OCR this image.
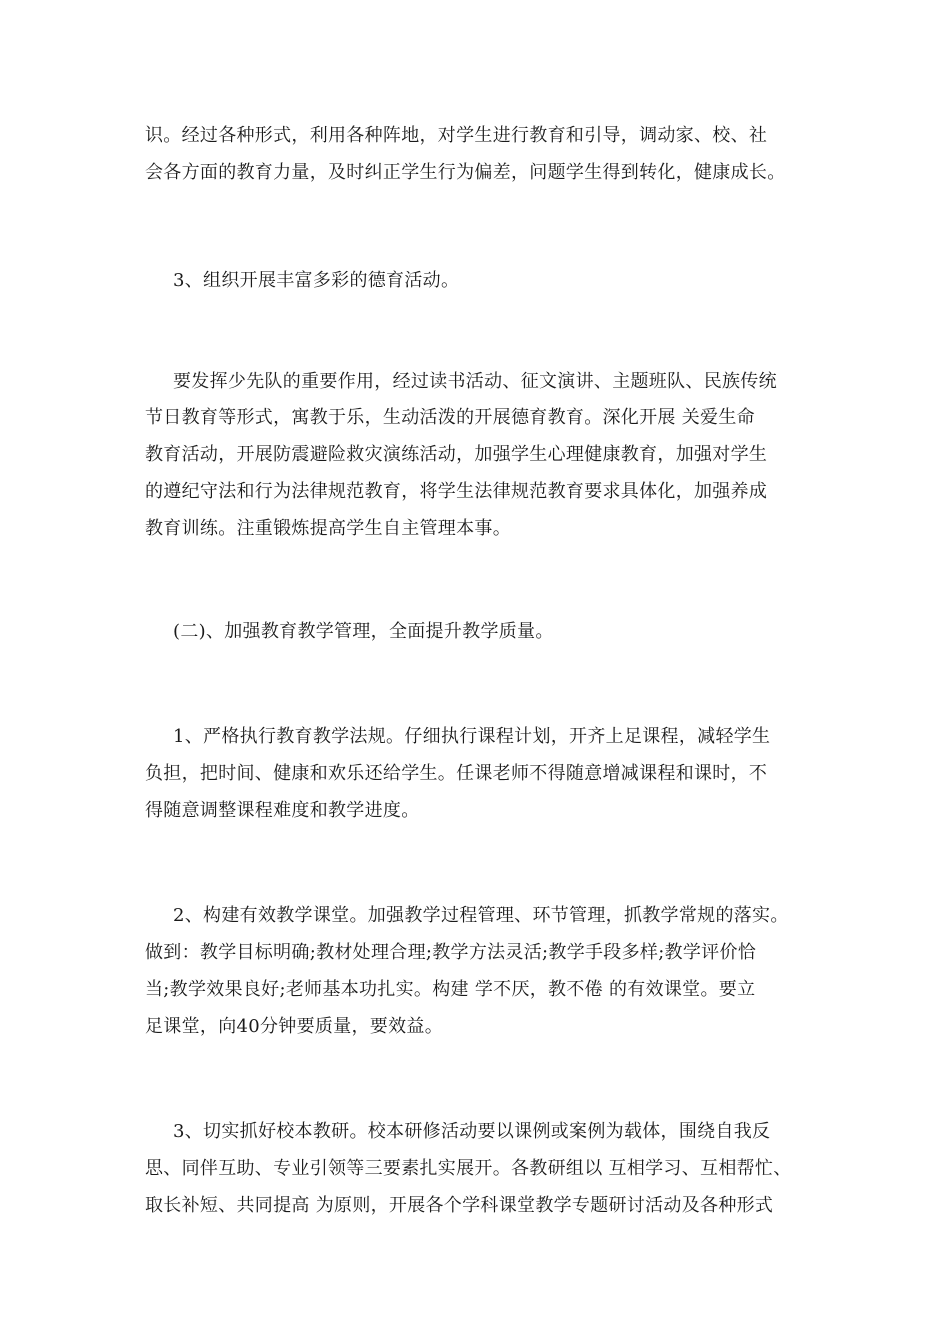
识。经过各种形式，利用各种阵地，对学生进行教育和引导，调动家、校、社
会各方面的教育力量，及时纠正学生行为偏差，问题学生得到转化，健康成长。
3、组织开展丰富多彩的德育活动。
要发挥少先队的重要作用，经过读书活动、征文演讲、主题班队、民族传统
节日教育等形式，寓教于乐，生动活泼的开展德育教育。深化开展 关爱生命
教育活动，开展防震避险救灾演练活动，加强学生心理健康教育，加强对学生
的遵纪守法和行为法律规范教育，将学生法律规范教育要求具体化，加强养成
教育训练。注重锻炼提高学生自主管理本事。
(二)、加强教育教学管理，全面提升教学质量。
1、严格执行教育教学法规。仔细执行课程计划，开齐上足课程，减轻学生
负担，把时间、健康和欢乐还给学生。任课老师不得随意增减课程和课时，不
得随意调整课程难度和教学进度。
2、构建有效教学课堂。加强教学过程管理、环节管理，抓教学常规的落实。
做到：教学目标明确;教材处理合理;教学方法灵活;教学手段多样;教学评价恰
当;教学效果良好;老师基本功扎实。构建 学不厌，教不倦 的有效课堂。要立
足课堂，向40分钟要质量，要效益。
3、切实抓好校本教研。校本研修活动要以课例或案例为载体，围绕自我反
思、同伴互助、专业引领等三要素扎实展开。各教研组以 互相学习、互相帮忙、
取长补短、共同提高 为原则，开展各个学科课堂教学专题研讨活动及各种形式
